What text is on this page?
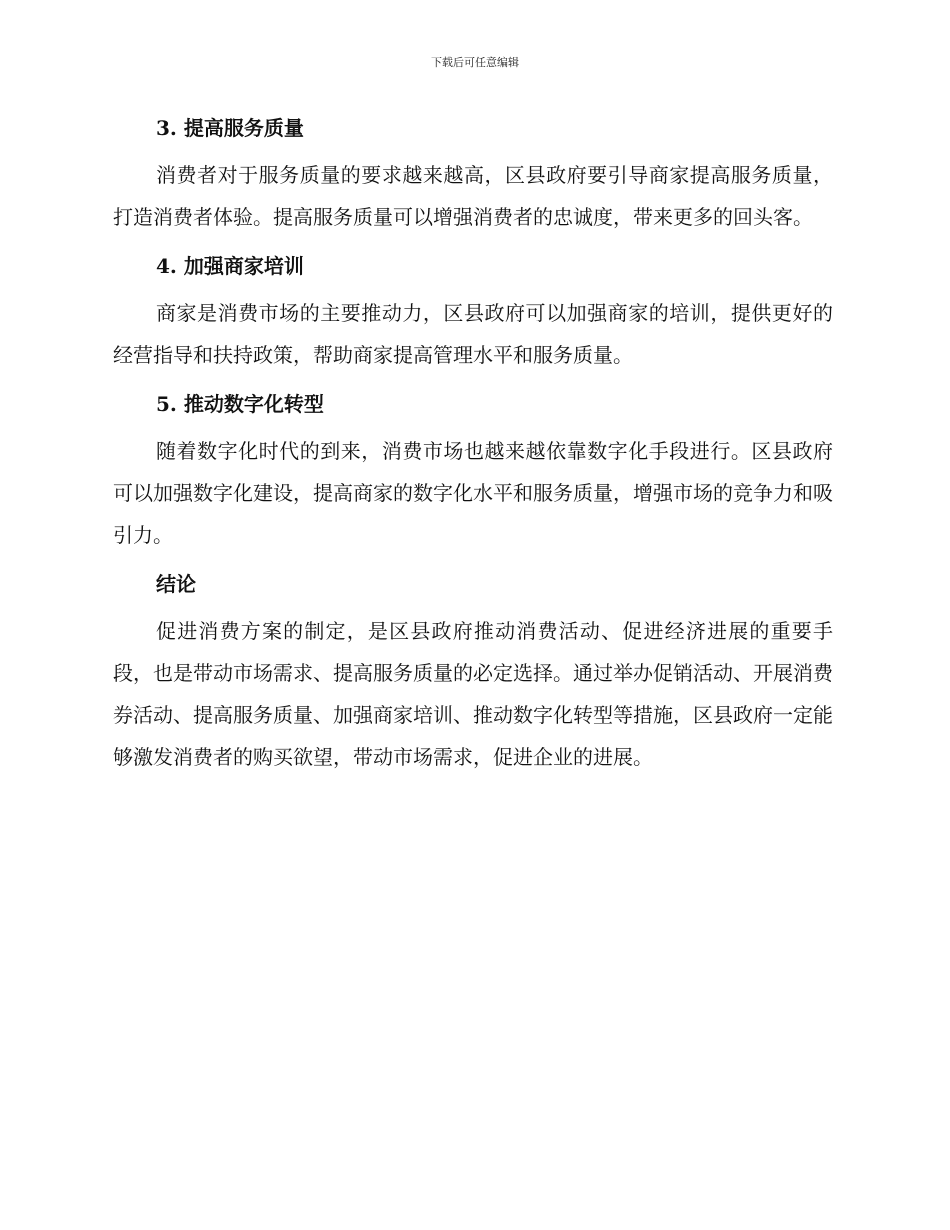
下载后可任意编辑
3. 提高服务质量

消费者对于服务质量的要求越来越高，区县政府要引导商家提高服务质量，打造消费者体验。提高服务质量可以增强消费者的忠诚度，带来更多的回头客。

4. 加强商家培训

商家是消费市场的主要推动力，区县政府可以加强商家的培训，提供更好的经营指导和扶持政策，帮助商家提高管理水平和服务质量。

5. 推动数字化转型

随着数字化时代的到来，消费市场也越来越依靠数字化手段进行。区县政府可以加强数字化建设，提高商家的数字化水平和服务质量，增强市场的竞争力和吸引力。

结论

促进消费方案的制定，是区县政府推动消费活动、促进经济进展的重要手段，也是带动市场需求、提高服务质量的必定选择。通过举办促销活动、开展消费券活动、提高服务质量、加强商家培训、推动数字化转型等措施，区县政府一定能够激发消费者的购买欲望，带动市场需求，促进企业的进展。
